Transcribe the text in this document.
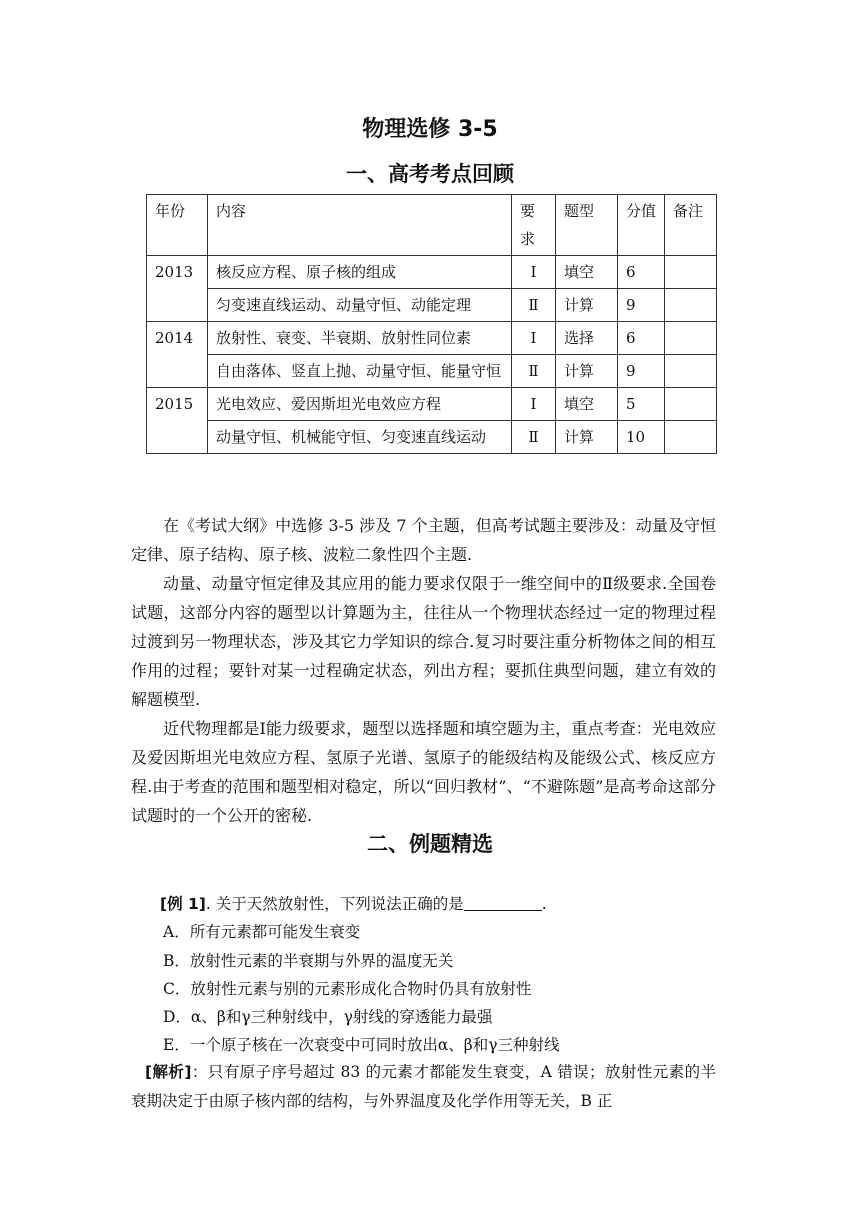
物理选修 3-5
一、高考考点回顾
年份	内容	要求	题型	分值	备注
2013	核反应方程、原子核的组成	Ⅰ	填空	6	
	匀变速直线运动、动量守恒、动能定理	Ⅱ	计算	9	
2014	放射性、衰变、半衰期、放射性同位素	Ⅰ	选择	6	
	自由落体、竖直上抛、动量守恒、能量守恒	Ⅱ	计算	9	
2015	光电效应、爱因斯坦光电效应方程	Ⅰ	填空	5	
	动量守恒、机械能守恒、匀变速直线运动	Ⅱ	计算	10	

在《考试大纲》中选修 3-5 涉及 7 个主题，但高考试题主要涉及：动量及守恒定律、原子结构、原子核、波粒二象性四个主题.

动量、动量守恒定律及其应用的能力要求仅限于一维空间中的Ⅱ级要求.全国卷试题，这部分内容的题型以计算题为主，往往从一个物理状态经过一定的物理过程过渡到另一物理状态，涉及其它力学知识的综合.复习时要注重分析物体之间的相互作用的过程；要针对某一过程确定状态，列出方程；要抓住典型问题，建立有效的解题模型.

近代物理都是Ⅰ能力级要求，题型以选择题和填空题为主，重点考查：光电效应及爱因斯坦光电效应方程、氢原子光谱、氢原子的能级结构及能级公式、核反应方程.由于考查的范围和题型相对稳定，所以“回归教材”、“不避陈题”是高考命这部分试题时的一个公开的密秘.

二、例题精选
[例 1]. 关于天然放射性，下列说法正确的是	.
A．所有元素都可能发生衰变
B．放射性元素的半衰期与外界的温度无关
C．放射性元素与别的元素形成化合物时仍具有放射性
D．α、β和γ三种射线中，γ射线的穿透能力最强
E．一个原子核在一次衰变中可同时放出α、β和γ三种射线

[解析]：只有原子序号超过 83 的元素才都能发生衰变，A 错误；放射性元素的半衰期决定于由原子核内部的结构，与外界温度及化学作用等无关，B 正
